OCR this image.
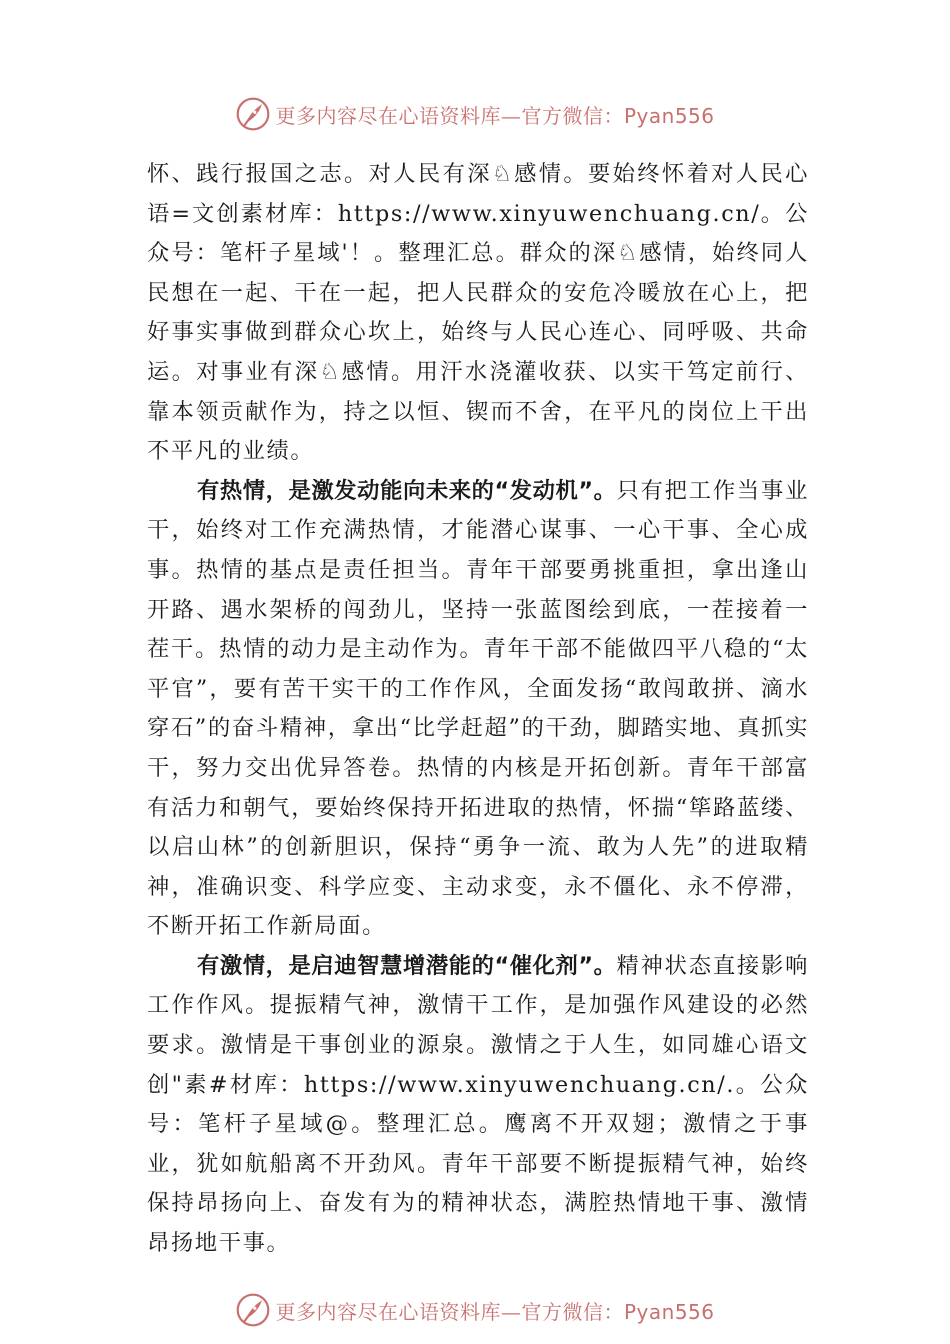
更多内容尽在心语资料库—官方微信：Pyan556

怀、践行报国之志。对人民有深♘感情。要始终怀着对人民心语=文创素材库：https://www.xinyuwenchuang.cn/。公众号：笔杆子星域'！。整理汇总。群众的深♘感情，始终同人民想在一起、干在一起，把人民群众的安危冷暖放在心上，把好事实事做到群众心坎上，始终与人民心连心、同呼吸、共命运。对事业有深♘感情。用汗水浇灌收获、以实干笃定前行、靠本领贡献作为，持之以恒、锲而不舍，在平凡的岗位上干出不平凡的业绩。

有热情，是激发动能向未来的“发动机”。只有把工作当事业干，始终对工作充满热情，才能潜心谋事、一心干事、全心成事。热情的基点是责任担当。青年干部要勇挑重担，拿出逢山开路、遇水架桥的闯劲儿，坚持一张蓝图绘到底，一茬接着一茬干。热情的动力是主动作为。青年干部不能做四平八稳的“太平官”，要有苦干实干的工作作风，全面发扬“敢闯敢拼、滴水穿石”的奋斗精神，拿出“比学赶超”的干劲，脚踏实地、真抓实干，努力交出优异答卷。热情的内核是开拓创新。青年干部富有活力和朝气，要始终保持开拓进取的热情，怀揣“筚路蓝缕、以启山林”的创新胆识，保持“勇争一流、敢为人先”的进取精神，准确识变、科学应变、主动求变，永不僵化、永不停滞，不断开拓工作新局面。

有激情，是启迪智慧增潜能的“催化剂”。精神状态直接影响工作作风。提振精气神，激情干工作，是加强作风建设的必然要求。激情是干事创业的源泉。激情之于人生，如同雄心语文创"素#材库：https://www.xinyuwenchuang.cn/.。公众号：笔杆子星域@。整理汇总。鹰离不开双翅；激情之于事业，犹如航船离不开劲风。青年干部要不断提振精气神，始终保持昂扬向上、奋发有为的精神状态，满腔热情地干事、激情昂扬地干事。

更多内容尽在心语资料库—官方微信：Pyan556
